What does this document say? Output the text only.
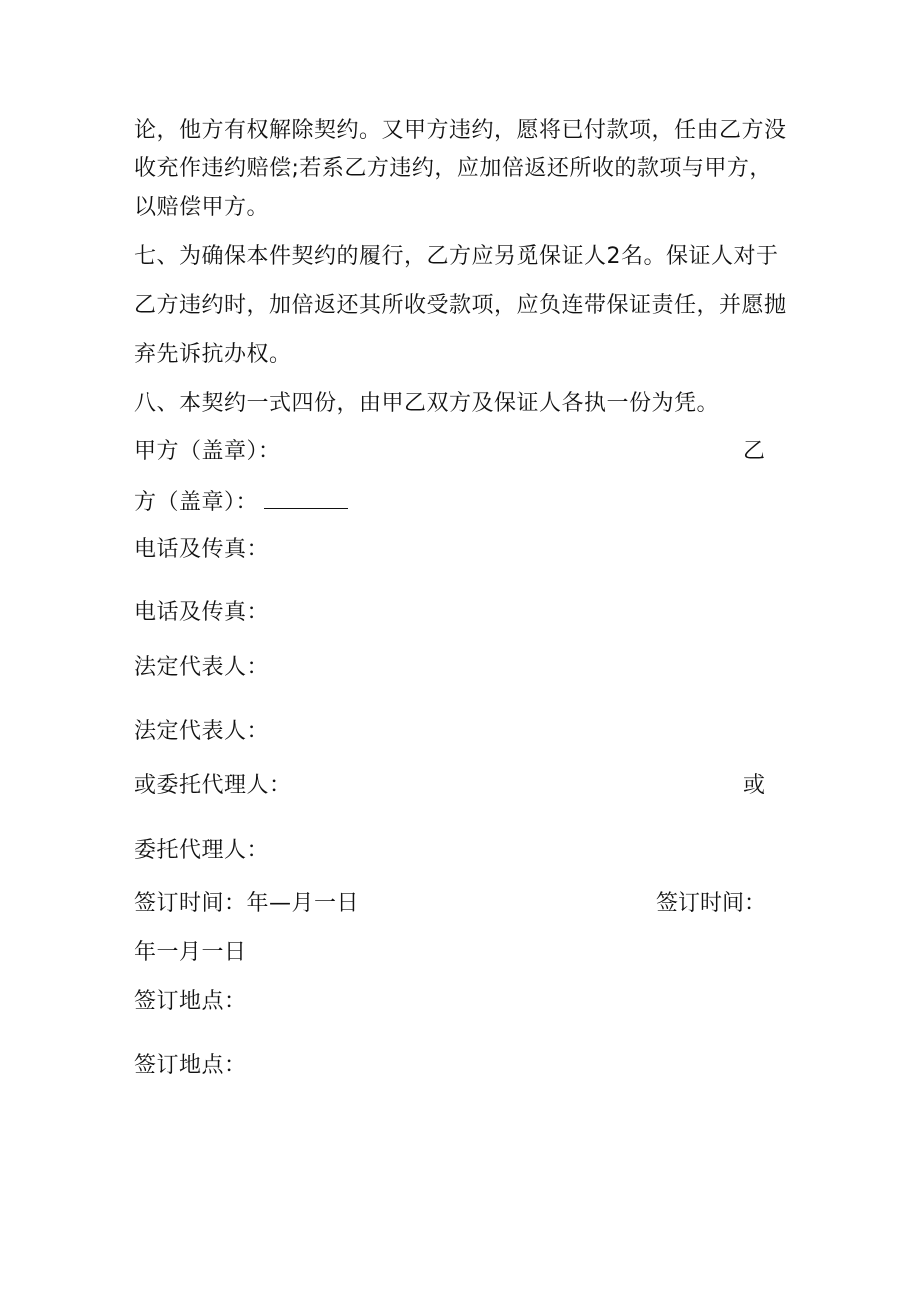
论，他方有权解除契约。又甲方违约，愿将已付款项，任由乙方没
收充作违约赔偿;若系乙方违约，应加倍返还所收的款项与甲方，
以赔偿甲方。
七、为确保本件契约的履行，乙方应另觅保证人2名。保证人对于
乙方违约时，加倍返还其所收受款项，应负连带保证责任，并愿抛
弃先诉抗办权。
八、本契约一式四份，由甲乙双方及保证人各执一份为凭。
甲方（盖章）：	乙
方（盖章）：
电话及传真：
电话及传真：
法定代表人：
法定代表人：
或委托代理人：	或
委托代理人：
签订时间：年—月一日	签订时间：
年一月一日
签订地点：
签订地点：
